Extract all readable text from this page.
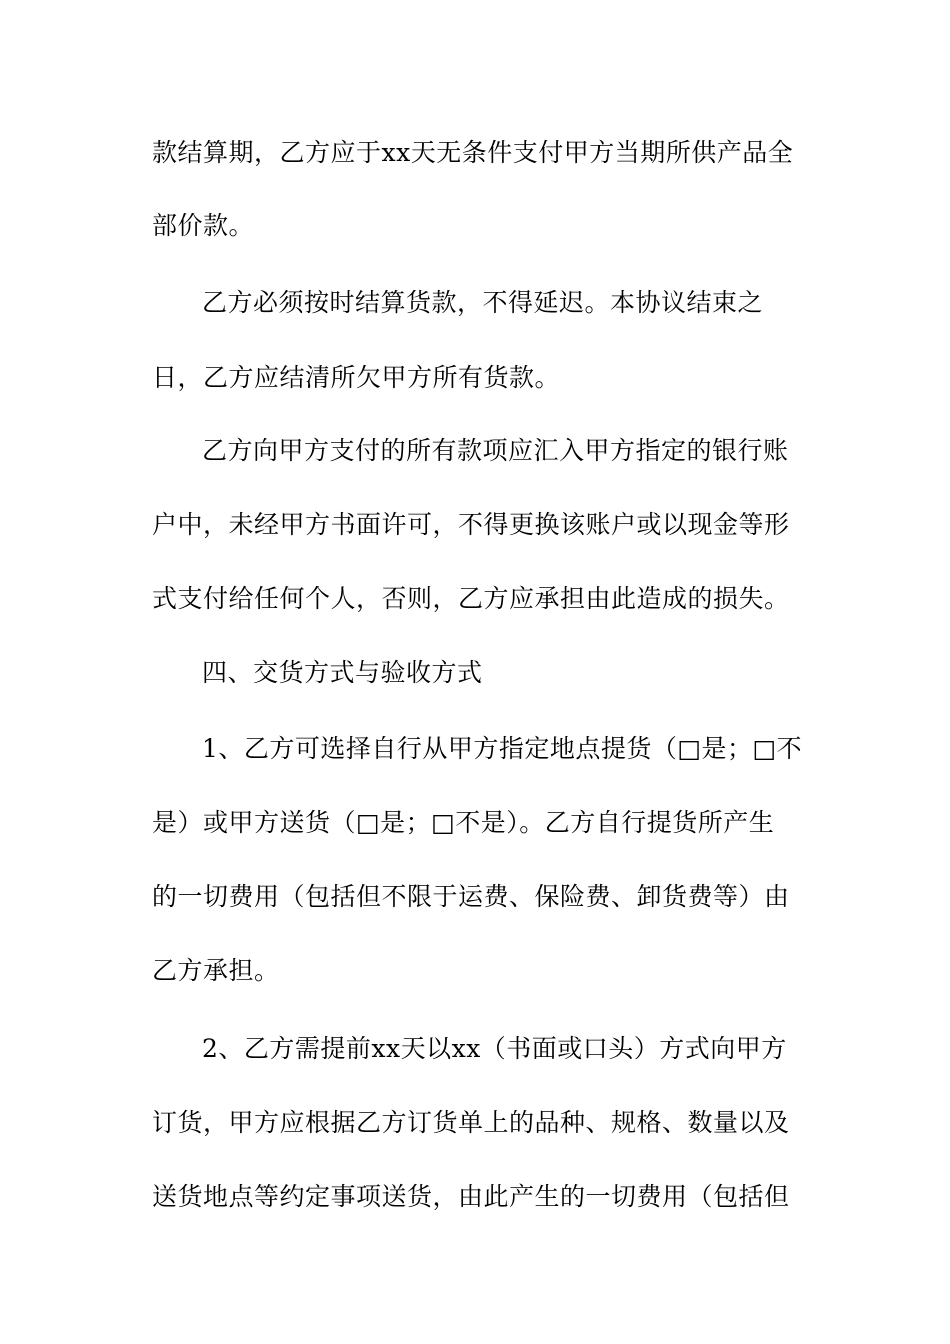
款结算期，乙方应于xx天无条件支付甲方当期所供产品全
部价款。
乙方必须按时结算货款，不得延迟。本协议结束之
日，乙方应结清所欠甲方所有货款。
乙方向甲方支付的所有款项应汇入甲方指定的银行账
户中，未经甲方书面许可，不得更换该账户或以现金等形
式支付给任何个人，否则，乙方应承担由此造成的损失。
四、交货方式与验收方式
1、乙方可选择自行从甲方指定地点提货（□是；□不
是）或甲方送货（□是；□不是）。乙方自行提货所产生
的一切费用（包括但不限于运费、保险费、卸货费等）由
乙方承担。
2、乙方需提前xx天以xx（书面或口头）方式向甲方
订货，甲方应根据乙方订货单上的品种、规格、数量以及
送货地点等约定事项送货，由此产生的一切费用（包括但
